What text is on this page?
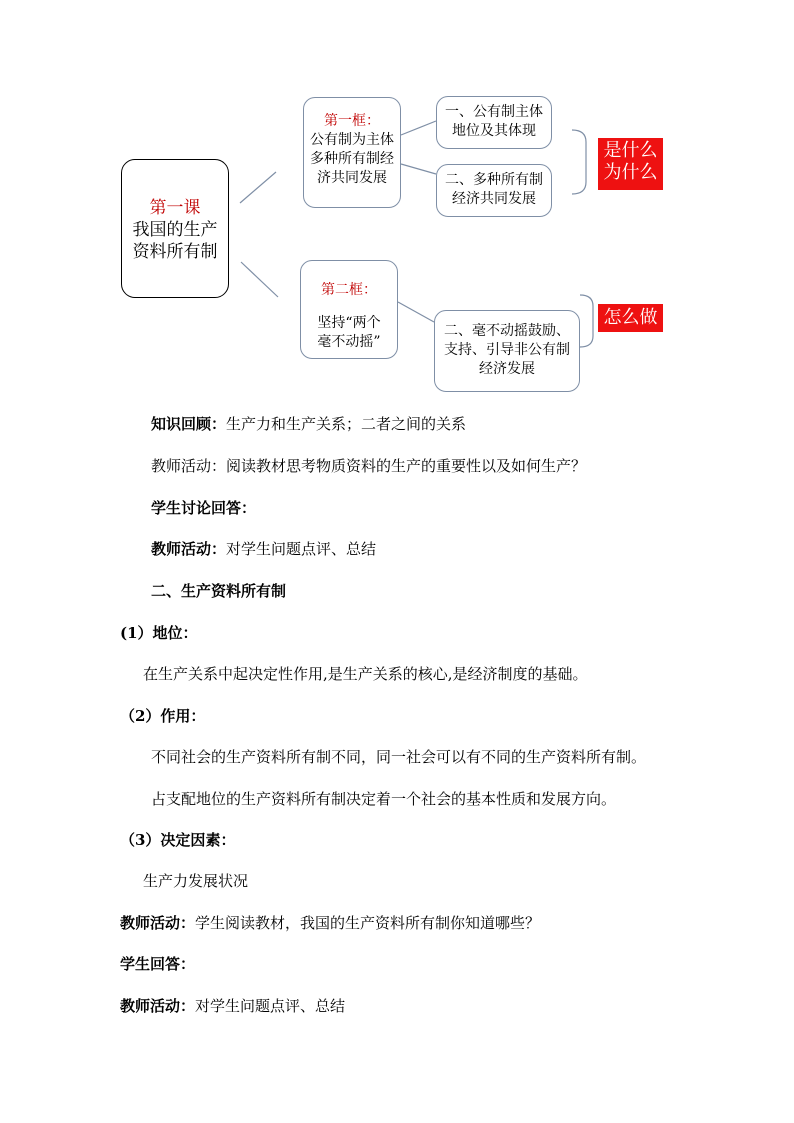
第一课
我国的生产
资料所有制
第一框：
公有制为主体
多种所有制经
济共同发展
第二框：
坚持“两个
毫不动摇”
一、公有制主体
地位及其体现
二、多种所有制
经济共同发展
二、毫不动摇鼓励、
支持、引导非公有制
经济发展
是什么
为什么
怎么做
知识回顾：生产力和生产关系；二者之间的关系
教师活动：阅读教材思考物质资料的生产的重要性以及如何生产？
学生讨论回答：
教师活动：对学生问题点评、总结
二、生产资料所有制
(1）地位：
在生产关系中起决定性作用,是生产关系的核心,是经济制度的基础。
（2）作用：
不同社会的生产资料所有制不同，同一社会可以有不同的生产资料所有制。
占支配地位的生产资料所有制决定着一个社会的基本性质和发展方向。
（3）决定因素：
生产力发展状况
教师活动：学生阅读教材，我国的生产资料所有制你知道哪些？
学生回答：
教师活动：对学生问题点评、总结
